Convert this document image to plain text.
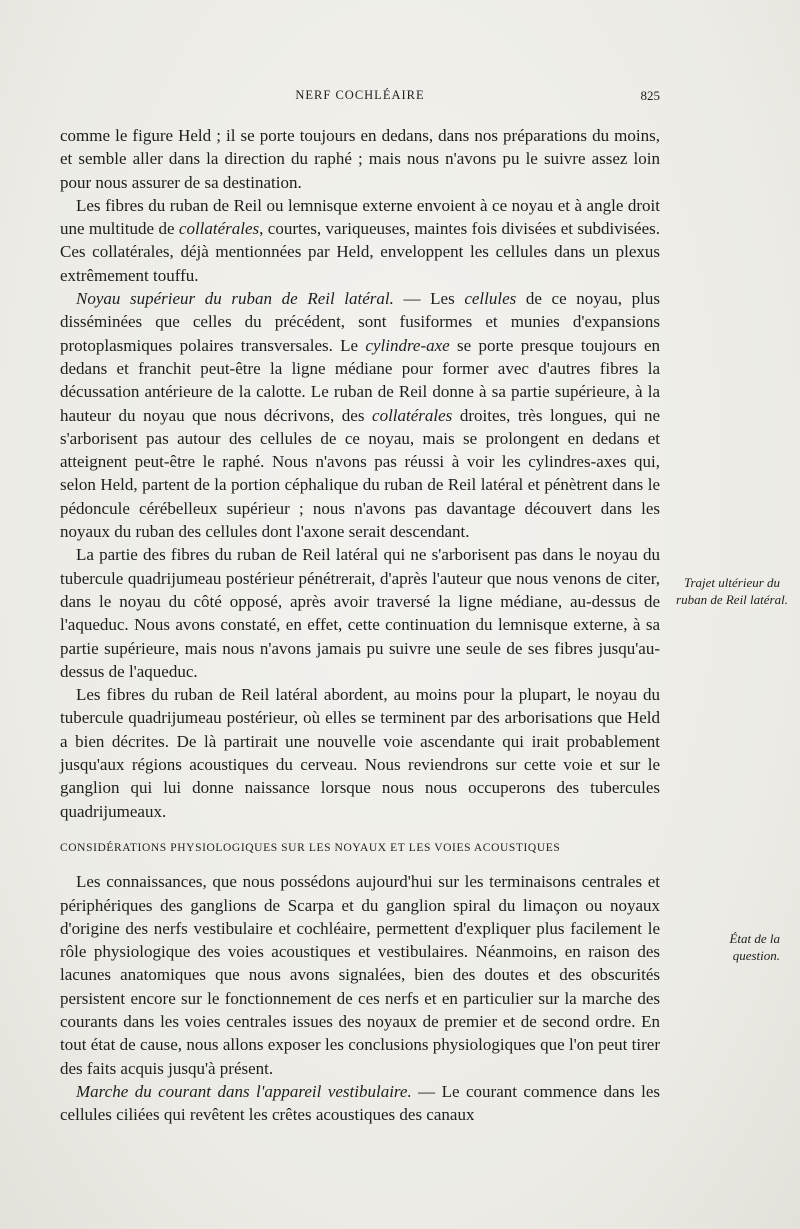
NERF COCHLÉAIRE	825

comme le figure Held ; il se porte toujours en dedans, dans nos préparations du moins, et semble aller dans la direction du raphé ; mais nous n'avons pu le suivre assez loin pour nous assurer de sa destination.

Les fibres du ruban de Reil ou lemnisque externe envoient à ce noyau et à angle droit une multitude de collatérales, courtes, variqueuses, maintes fois divisées et subdivisées. Ces collatérales, déjà mentionnées par Held, enveloppent les cellules dans un plexus extrêmement touffu.

Noyau supérieur du ruban de Reil latéral. — Les cellules de ce noyau, plus disséminées que celles du précédent, sont fusiformes et munies d'expansions protoplasmiques polaires transversales. Le cylindre-axe se porte presque toujours en dedans et franchit peut-être la ligne médiane pour former avec d'autres fibres la décussation antérieure de la calotte. Le ruban de Reil donne à sa partie supérieure, à la hauteur du noyau que nous décrivons, des collatérales droites, très longues, qui ne s'arborisent pas autour des cellules de ce noyau, mais se prolongent en dedans et atteignent peut-être le raphé. Nous n'avons pas réussi à voir les cylindres-axes qui, selon Held, partent de la portion céphalique du ruban de Reil latéral et pénètrent dans le pédoncule cérébelleux supérieur ; nous n'avons pas davantage découvert dans les noyaux du ruban des cellules dont l'axone serait descendant.

La partie des fibres du ruban de Reil latéral qui ne s'arborisent pas dans le noyau du tubercule quadrijumeau postérieur pénétrerait, d'après l'auteur que nous venons de citer, dans le noyau du côté opposé, après avoir traversé la ligne médiane, au-dessus de l'aqueduc. Nous avons constaté, en effet, cette continuation du lemnisque externe, à sa partie supérieure, mais nous n'avons jamais pu suivre une seule de ses fibres jusqu'au-dessus de l'aqueduc.

Les fibres du ruban de Reil latéral abordent, au moins pour la plupart, le noyau du tubercule quadrijumeau postérieur, où elles se terminent par des arborisations que Held a bien décrites. De là partirait une nouvelle voie ascendante qui irait probablement jusqu'aux régions acoustiques du cerveau. Nous reviendrons sur cette voie et sur le ganglion qui lui donne naissance lorsque nous nous occuperons des tubercules quadrijumeaux.

CONSIDÉRATIONS PHYSIOLOGIQUES SUR LES NOYAUX ET LES VOIES ACOUSTIQUES

Les connaissances, que nous possédons aujourd'hui sur les terminaisons centrales et périphériques des ganglions de Scarpa et du ganglion spiral du limaçon ou noyaux d'origine des nerfs vestibulaire et cochléaire, permettent d'expliquer plus facilement le rôle physiologique des voies acoustiques et vestibulaires. Néanmoins, en raison des lacunes anatomiques que nous avons signalées, bien des doutes et des obscurités persistent encore sur le fonctionnement de ces nerfs et en particulier sur la marche des courants dans les voies centrales issues des noyaux de premier et de second ordre. En tout état de cause, nous allons exposer les conclusions physiologiques que l'on peut tirer des faits acquis jusqu'à présent.

Marche du courant dans l'appareil vestibulaire. — Le courant commence dans les cellules ciliées qui revêtent les crêtes acoustiques des canaux

Trajet ultérieur du ruban de Reil latéral.
État de la question.
